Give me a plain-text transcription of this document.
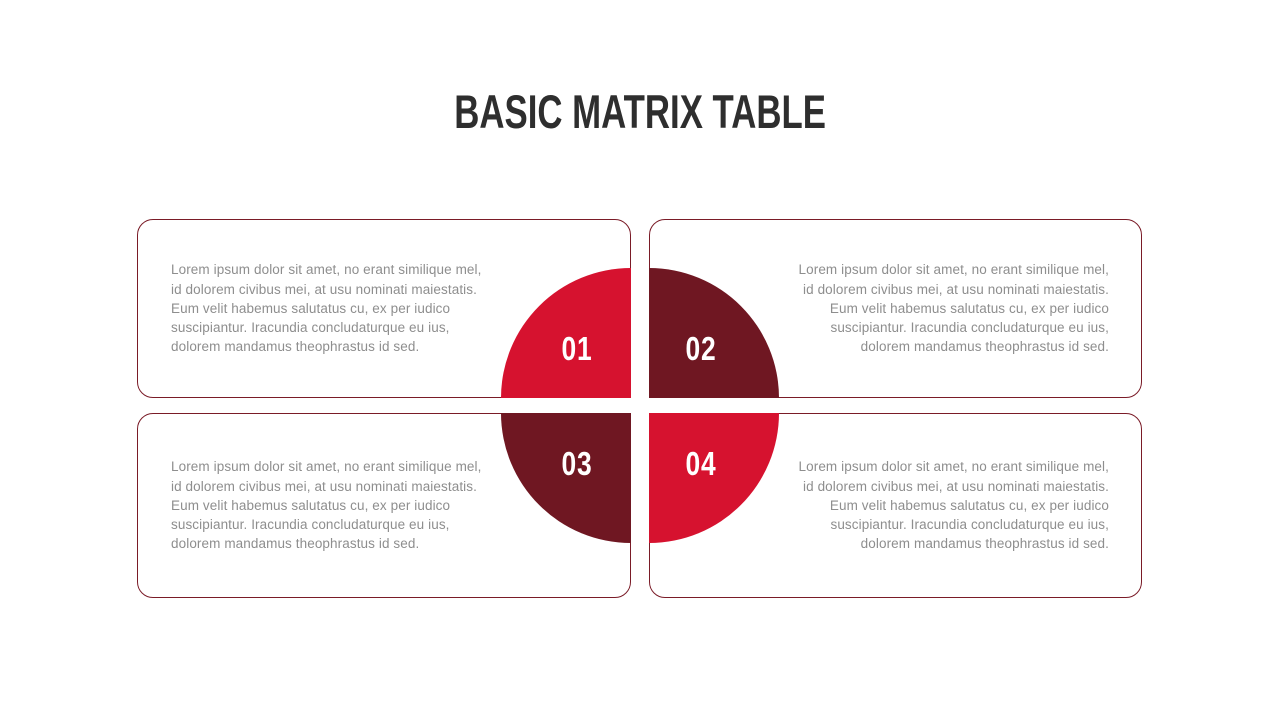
BASIC MATRIX TABLE

Lorem ipsum dolor sit amet, no erant similique mel, id dolorem civibus mei, at usu nominati maiestatis. Eum velit habemus salutatus cu, ex per iudico suscipiantur. Iracundia concludaturque eu ius, dolorem mandamus theophrastus id sed.

Lorem ipsum dolor sit amet, no erant similique mel, id dolorem civibus mei, at usu nominati maiestatis. Eum velit habemus salutatus cu, ex per iudico suscipiantur. Iracundia concludaturque eu ius, dolorem mandamus theophrastus id sed.

Lorem ipsum dolor sit amet, no erant similique mel, id dolorem civibus mei, at usu nominati maiestatis. Eum velit habemus salutatus cu, ex per iudico suscipiantur. Iracundia concludaturque eu ius, dolorem mandamus theophrastus id sed.

Lorem ipsum dolor sit amet, no erant similique mel, id dolorem civibus mei, at usu nominati maiestatis. Eum velit habemus salutatus cu, ex per iudico suscipiantur. Iracundia concludaturque eu ius, dolorem mandamus theophrastus id sed.

01	02
03	04
